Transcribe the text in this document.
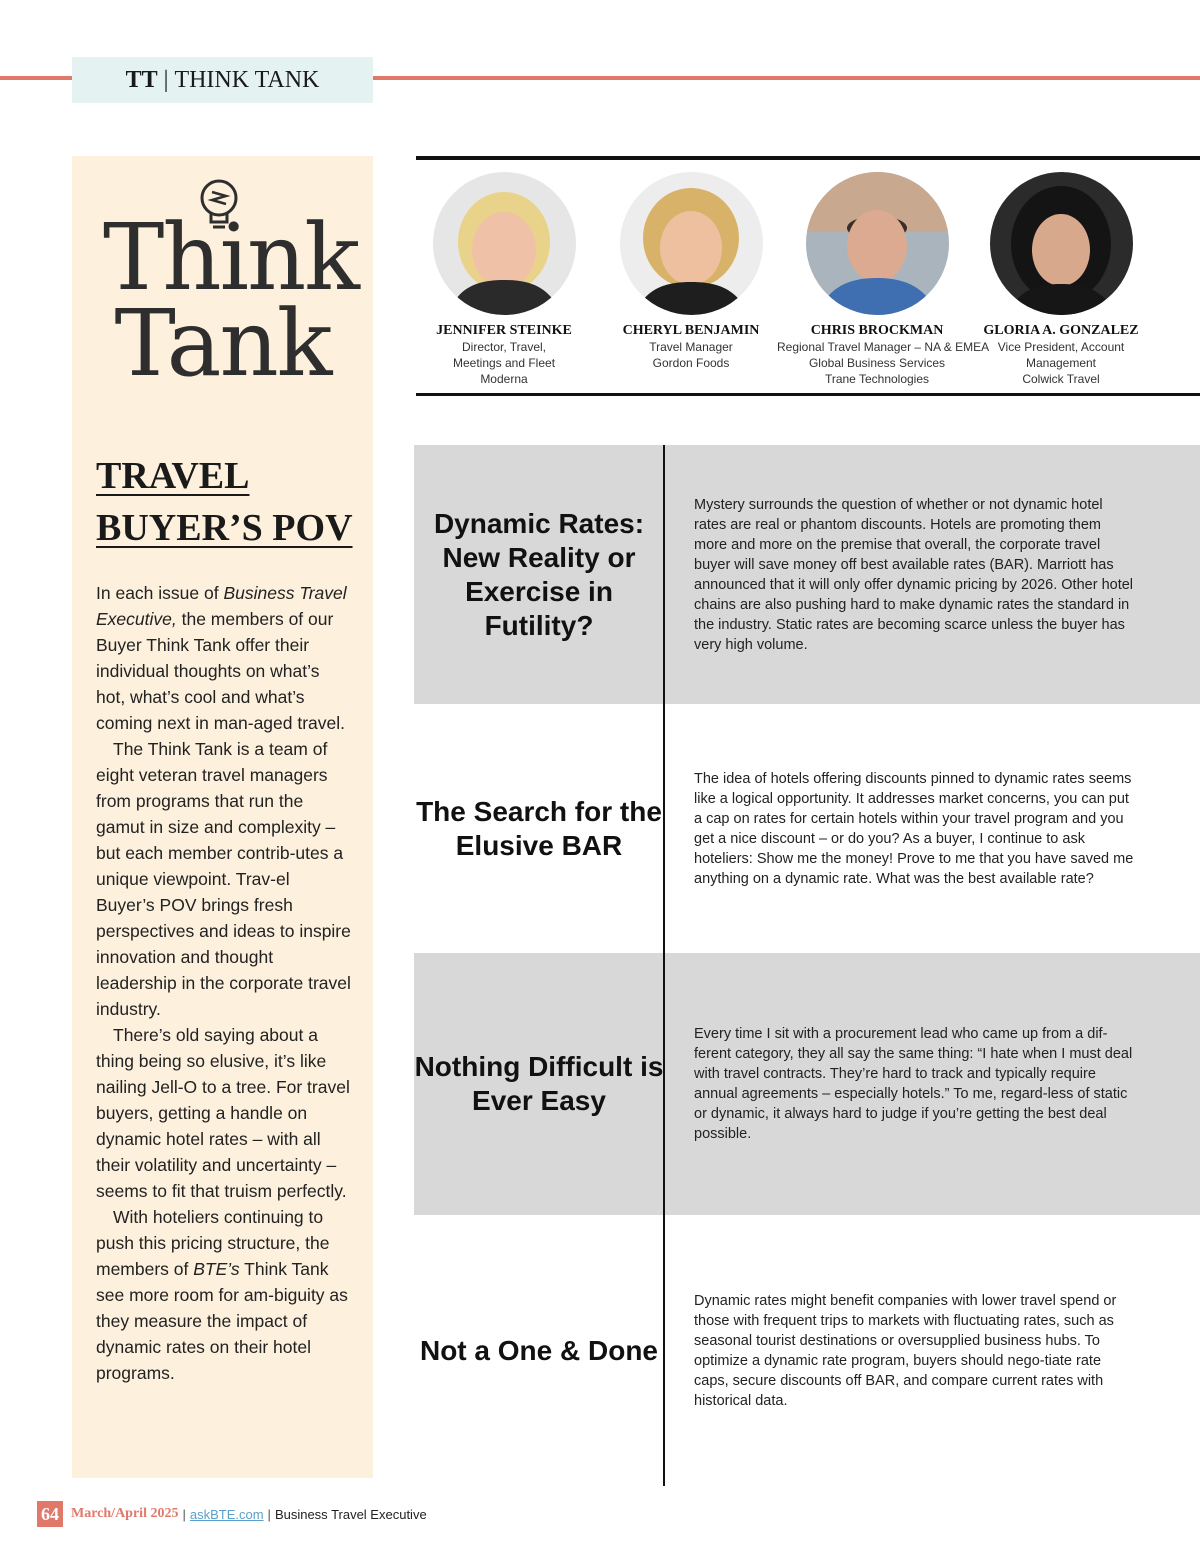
TT | THINK TANK
Think
Tank
TRAVEL BUYER’S POV

In each issue of Business Travel Executive, the members of our Buyer Think Tank offer their individual thoughts on what’s hot, what’s cool and what’s coming next in man-aged travel.

The Think Tank is a team of eight veteran travel managers from programs that run the gamut in size and complexity – but each member contrib-utes a unique viewpoint. Trav-el Buyer’s POV brings fresh perspectives and ideas to inspire innovation and thought leadership in the corporate travel industry.

There’s old saying about a thing being so elusive, it’s like nailing Jell-O to a tree. For travel buyers, getting a handle on dynamic hotel rates – with all their volatility and uncertainty – seems to fit that truism perfectly.

With hoteliers continuing to push this pricing structure, the members of BTE’s Think Tank see more room for am-biguity as they measure the impact of dynamic rates on their hotel programs.

JENNIFER STEINKE
Director, Travel,
Meetings and Fleet
Moderna
CHERYL BENJAMIN
Travel Manager
Gordon Foods
CHRIS BROCKMAN
Regional Travel Manager – NA & EMEA
Global Business Services
Trane Technologies
GLORIA A. GONZALEZ
Vice President, Account
Management
Colwick Travel
Dynamic Rates: New Reality or Exercise in Futility?
Mystery surrounds the question of whether or not dynamic hotel rates are real or phantom discounts. Hotels are promoting them more and more on the premise that overall, the corporate travel buyer will save money off best available rates (BAR). Marriott has announced that it will only offer dynamic pricing by 2026. Other hotel chains are also pushing hard to make dynamic rates the standard in the industry. Static rates are becoming scarce unless the buyer has very high volume.
The Search for the Elusive BAR
The idea of hotels offering discounts pinned to dynamic rates seems like a logical opportunity. It addresses market concerns, you can put a cap on rates for certain hotels within your travel program and you get a nice discount – or do you? As a buyer, I continue to ask hoteliers: Show me the money! Prove to me that you have saved me anything on a dynamic rate. What was the best available rate?
Nothing Difficult is Ever Easy
Every time I sit with a procurement lead who came up from a dif-ferent category, they all say the same thing: “I hate when I must deal with travel contracts. They’re hard to track and typically require annual agreements – especially hotels.” To me, regard-less of static or dynamic, it always hard to judge if you’re getting the best deal possible.
Not a One & Done
Dynamic rates might benefit companies with lower travel spend or those with frequent trips to markets with fluctuating rates, such as seasonal tourist destinations or oversupplied business hubs. To optimize a dynamic rate program, buyers should nego-tiate rate caps, secure discounts off BAR, and compare current rates with historical data.
64 March/April 2025 | askBTE.com | Business Travel Executive
